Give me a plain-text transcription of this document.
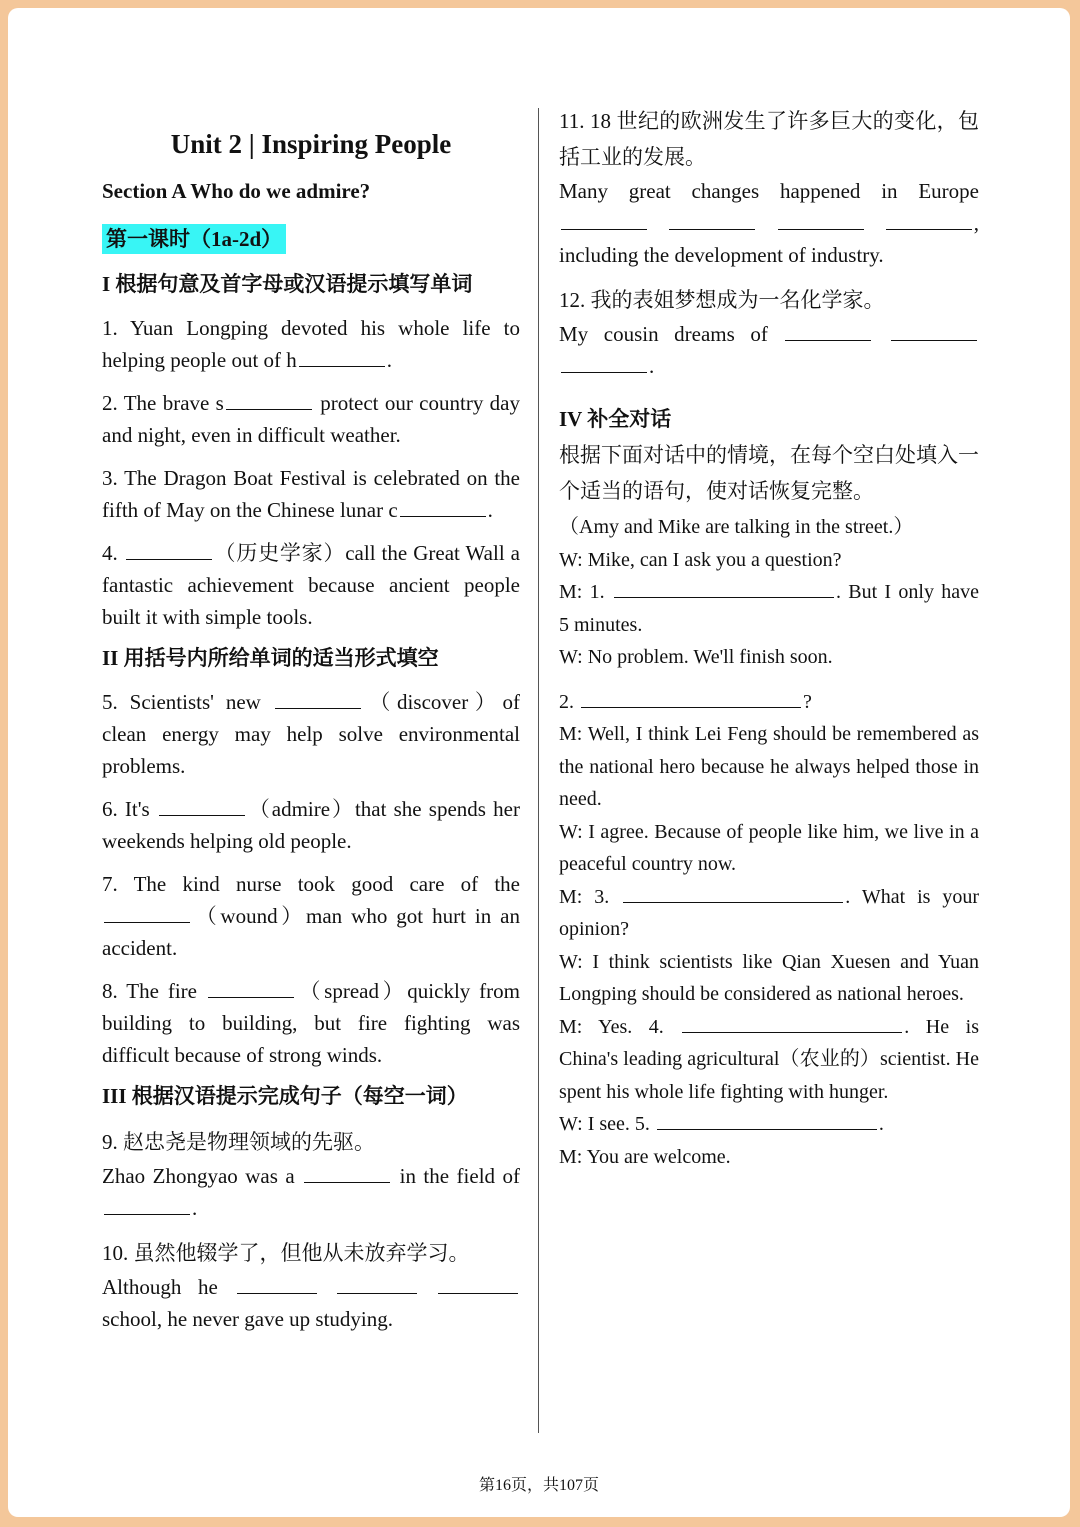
Unit 2 | Inspiring People
Section A Who do we admire?
第一课时（1a-2d）
I 根据句意及首字母或汉语提示填写单词
1. Yuan Longping devoted his whole life to helping people out of h	.
2. The brave s	protect our country day and night, even in difficult weather.
3. The Dragon Boat Festival is celebrated on the fifth of May on the Chinese lunar c	.
4.	（历史学家）call the Great Wall a fantastic achievement because ancient people built it with simple tools.
II 用括号内所给单词的适当形式填空
5. Scientists' new	（discover）of clean energy may help solve environmental problems.
6. It's	（admire）that she spends her weekends helping old people.
7. The kind nurse took good care of the （wound）man who got hurt in an accident.
8. The fire	（spread）quickly from building to building, but fire fighting was difficult because of strong winds.
III 根据汉语提示完成句子（每空一词）
9. 赵忠尧是物理领域的先驱。
Zhao Zhongyao was a	in the field of .
10. 虽然他辍学了，但他从未放弃学习。
Although he    school, he never gave up studying.
11. 18 世纪的欧洲发生了许多巨大的变化，包括工业的发展。
Many great changes happened in Europe    , including the development of industry.
12. 我的表姐梦想成为一名化学家。
My cousin dreams of   .
IV 补全对话
根据下面对话中的情境，在每个空白处填入一个适当的语句，使对话恢复完整。
（Amy and Mike are talking in the street.）
W: Mike, can I ask you a question?
M: 1.	. But I only have 5 minutes.
W: No problem. We'll finish soon.
2.	?
M: Well, I think Lei Feng should be remembered as the national hero because he always helped those in need.
W: I agree. Because of people like him, we live in a peaceful country now.
M: 3.	. What is your opinion?
W: I think scientists like Qian Xuesen and Yuan Longping should be considered as national heroes.
M: Yes. 4.	. He is China's leading agricultural（农业的）scientist. He spent his whole life fighting with hunger.
W: I see. 5.	.
M: You are welcome.
第16页，共107页
